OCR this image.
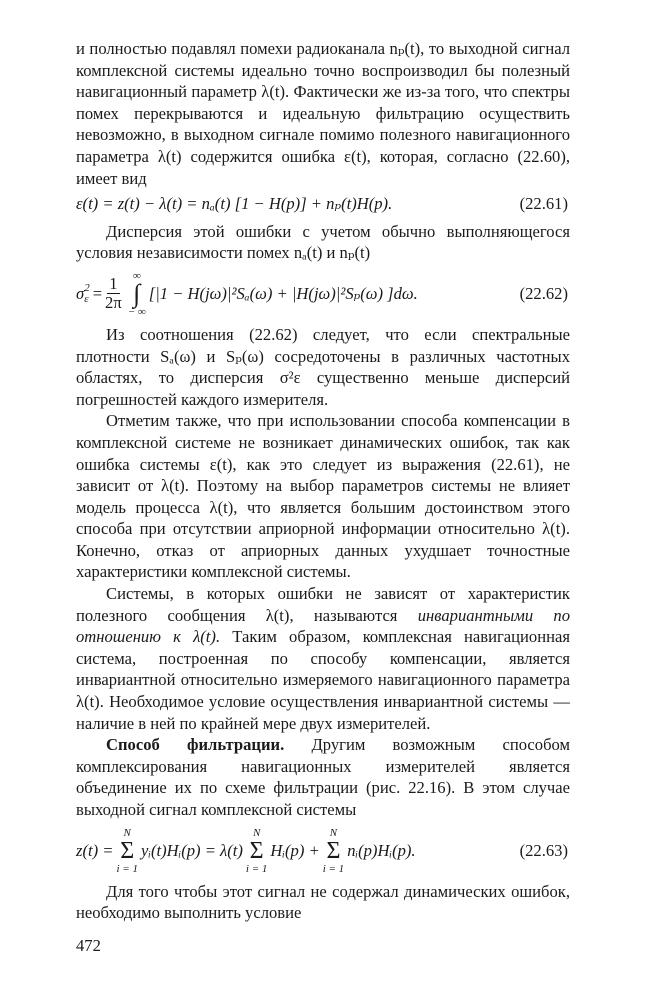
и полностью подавлял помехи радиоканала nₚ(t), то выходной сигнал комплексной системы идеально точно воспроизводил бы полезный навигационный параметр λ(t). Фактически же из-за того, что спектры помех перекрываются и идеальную фильтрацию осуществить невозможно, в выходном сигнале помимо полезного навигационного параметра λ(t) содержится ошибка ε(t), которая, согласно (22.60), имеет вид

ε(t) = z(t) − λ(t) = nₐ(t) [1 − H(p)] + nₚ(t)H(p).	(22.61)

Дисперсия этой ошибки с учетом обычно выполняющегося условия независимости помех nₐ(t) и nₚ(t)

σ 2
$\varepsilon = \frac{1}{2\pi}$ ∞
∫
− ∞
[|1 − H(jω)|²Sₐ(ω) + |H(jω)|²Sₚ(ω) ]dω.	(22.62)

Из соотношения (22.62) следует, что если спектральные плотности Sₐ(ω) и Sₚ(ω) сосредоточены в различных частотных областях, то дисперсия σ²ε существенно меньше дисперсий погрешностей каждого измерителя.

Отметим также, что при использовании способа компенсации в комплексной системе не возникает динамических ошибок, так как ошибка системы ε(t), как это следует из выражения (22.61), не зависит от λ(t). Поэтому на выбор параметров системы не влияет модель процесса λ(t), что является большим достоинством этого способа при отсутствии априорной информации относительно λ(t). Конечно, отказ от априорных данных ухудшает точностные характеристики комплексной системы.

Системы, в которых ошибки не зависят от характеристик полезного сообщения λ(t), называются инвариантными по отношению к λ(t). Таким образом, комплексная навигационная система, построенная по способу компенсации, является инвариантной относительно измеряемого навигационного параметра λ(t). Необходимое условие осуществления инвариантной системы — наличие в ней по крайней мере двух измерителей.

Способ фильтрации. Другим возможным способом комплексирования навигационных измерителей является объединение их по схеме фильтрации (рис. 22.16). В этом случае выходной сигнал комплексной системы

z(t) =
N
Σ
i = 1
yᵢ(t)Hᵢ(p) = λ(t)
N
Σ
i = 1
Hᵢ(p) +
N
Σ
i = 1
nᵢ(p)Hᵢ(p).	(22.63)

Для того чтобы этот сигнал не содержал динамических ошибок, необходимо выполнить условие

472
